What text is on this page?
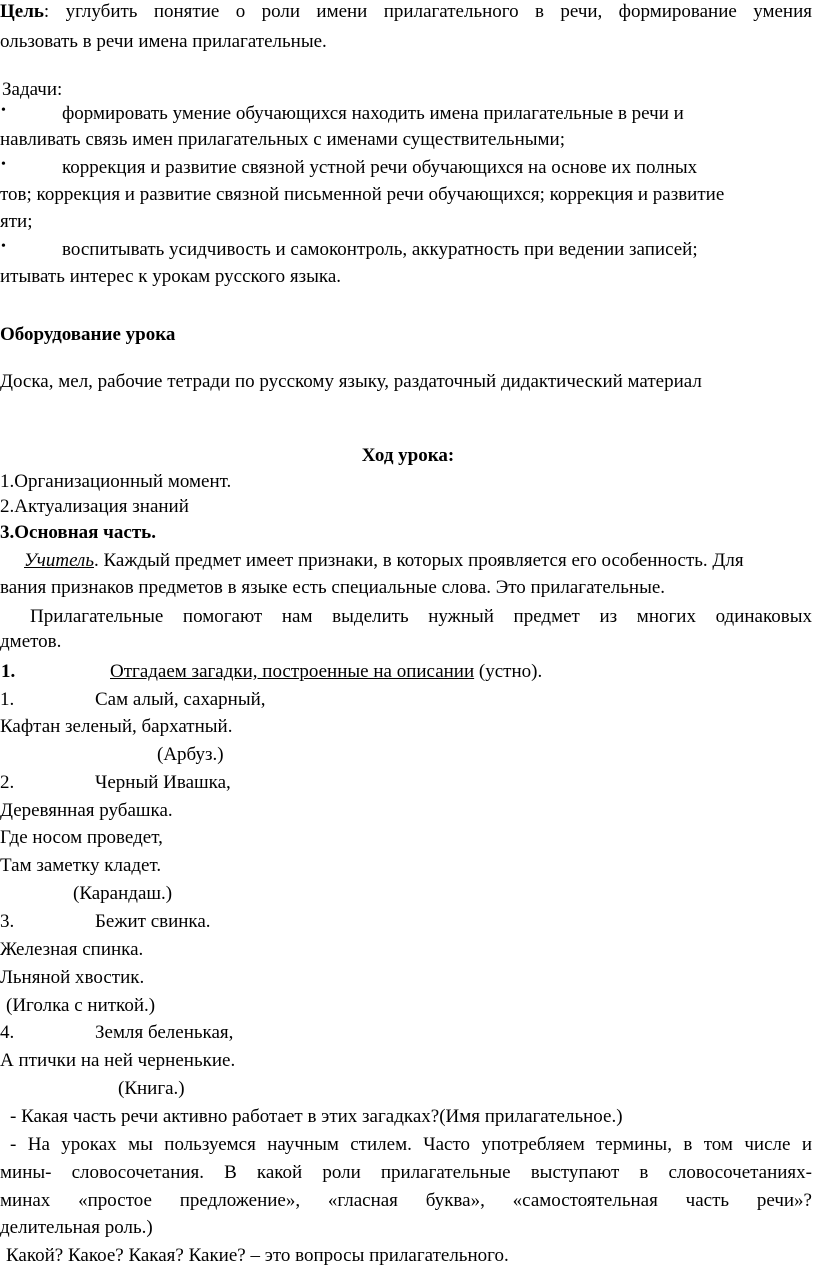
Цель: углубить понятие о роли имени прилагательного в речи, формирование умения
ользовать в речи имена прилагательные.
Задачи:
•	формировать умение обучающихся находить имена прилагательные в речи и
навливать связь имен прилагательных с именами существительными;
•	коррекция и развитие связной устной речи обучающихся на основе их полных
тов; коррекция и развитие связной письменной речи обучающихся; коррекция и развитие
яти;
•	воспитывать усидчивость и самоконтроль, аккуратность при ведении записей;
итывать интерес к урокам русского языка.
Оборудование урока
Доска, мел, рабочие тетради по русскому языку, раздаточный дидактический материал
Ход урока:
1.Организационный момент.
2.Актуализация знаний
3.Основная часть.
Учитель. Каждый предмет имеет признаки, в которых проявляется его особенность. Для
вания признаков предметов в языке есть специальные слова. Это прилагательные.
Прилагательные помогают нам выделить нужный предмет из многих одинаковых
дметов.
1.	Отгадаем загадки, построенные на описании (устно).
1.	Сам алый, сахарный,
Кафтан зеленый, бархатный.
(Арбуз.)
2.	Черный Ивашка,
Деревянная рубашка.
Где носом проведет,
Там заметку кладет.
(Карандаш.)
3.	Бежит свинка.
Железная спинка.
Льняной хвостик.
(Иголка с ниткой.)
4.	Земля беленькая,
А птички на ней черненькие.
(Книга.)
- Какая часть речи активно работает в этих загадках?(Имя прилагательное.)
- На уроках мы пользуемся научным стилем. Часто употребляем термины, в том числе и
мины- словосочетания. В какой роли прилагательные выступают в словосочетаниях-
минах «простое предложение», «гласная буква», «самостоятельная часть речи»?
делительная роль.)
Какой? Какое? Какая? Какие? – это вопросы прилагательного.
